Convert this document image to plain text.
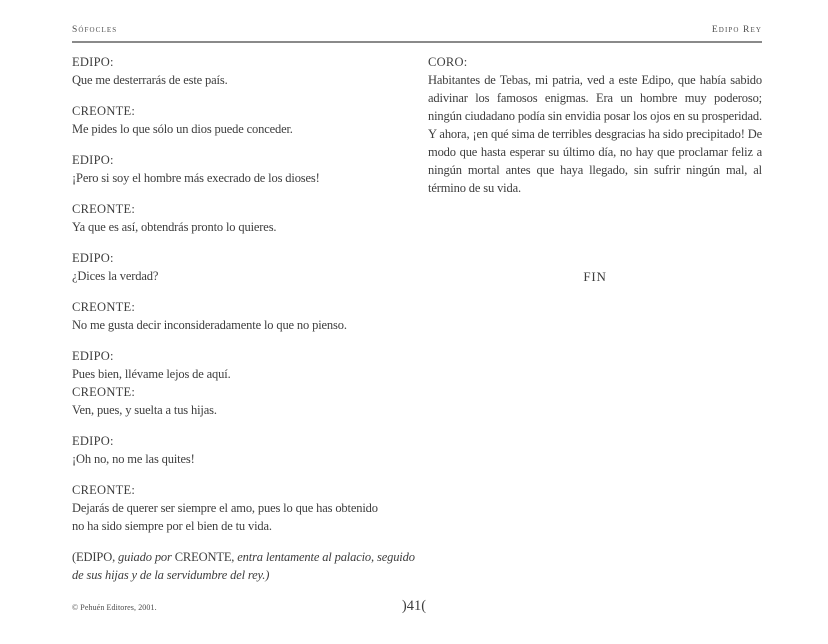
Sófocles	Edipo Rey
EDIPO:
Que me desterrarás de este país.
CREONTE:
Me pides lo que sólo un dios puede conceder.
EDIPO:
¡Pero si soy el hombre más execrado de los dioses!
CREONTE:
Ya que es así, obtendrás pronto lo quieres.
EDIPO:
¿Dices la verdad?
CREONTE:
No me gusta decir inconsideradamente lo que no pienso.
EDIPO:
Pues bien, llévame lejos de aquí.
CREONTE:
Ven, pues, y suelta a tus hijas.
EDIPO:
¡Oh no, no me las quites!
CREONTE:
Dejarás de querer ser siempre el amo, pues lo que has obtenido
no ha sido siempre por el bien de tu vida.
(EDIPO, guiado por CREONTE, entra lentamente al palacio, seguido
de sus hijas y de la servidumbre del rey.)
CORO:

Habitantes de Tebas, mi patria, ved a este Edipo, que había sabido adivinar los famosos enigmas. Era un hombre muy poderoso; ningún ciudadano podía sin envidia posar los ojos en su prosperidad. Y ahora, ¡en qué sima de terribles desgracias ha sido precipitado! De modo que hasta esperar su último día, no hay que proclamar feliz a ningún mortal antes que haya llegado, sin sufrir ningún mal, al término de su vida.

FIN
© Pehuén Editores, 2001.	)41(
